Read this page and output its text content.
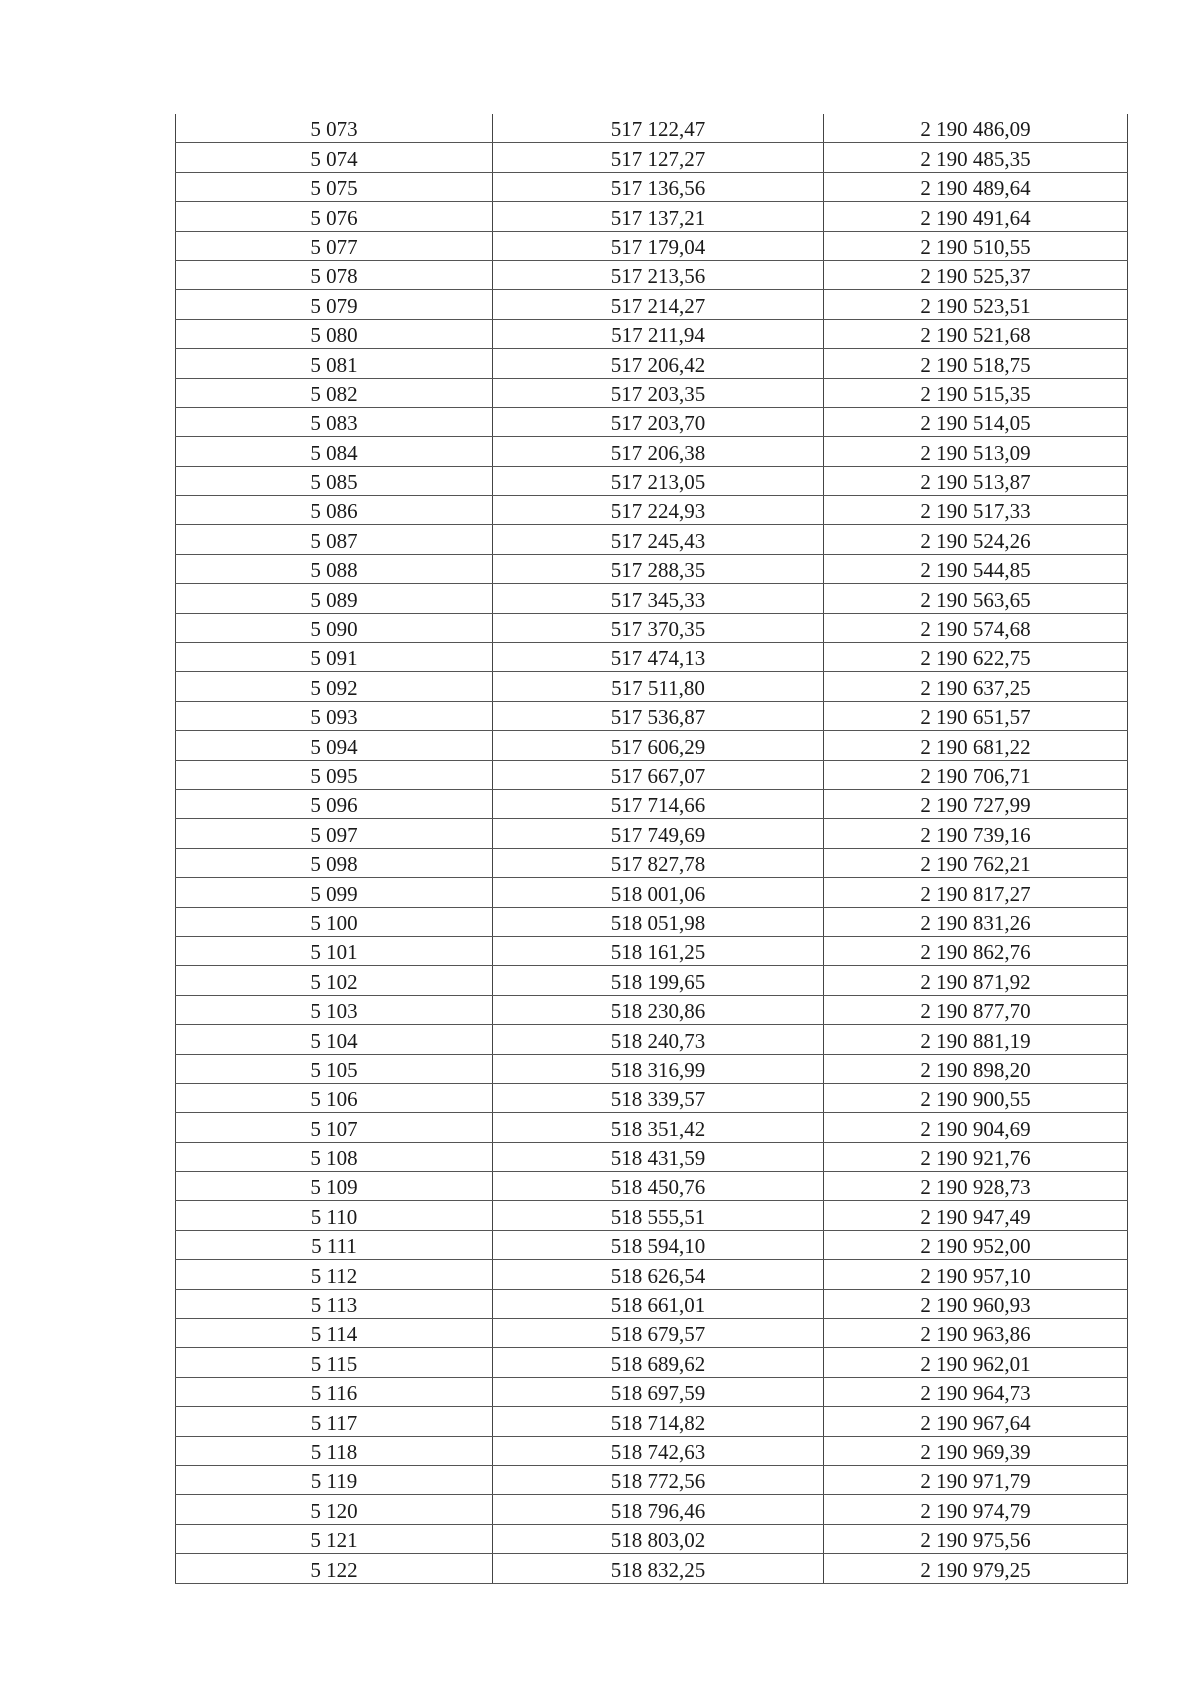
5 073	517 122,47	2 190 486,09
5 074	517 127,27	2 190 485,35
5 075	517 136,56	2 190 489,64
5 076	517 137,21	2 190 491,64
5 077	517 179,04	2 190 510,55
5 078	517 213,56	2 190 525,37
5 079	517 214,27	2 190 523,51
5 080	517 211,94	2 190 521,68
5 081	517 206,42	2 190 518,75
5 082	517 203,35	2 190 515,35
5 083	517 203,70	2 190 514,05
5 084	517 206,38	2 190 513,09
5 085	517 213,05	2 190 513,87
5 086	517 224,93	2 190 517,33
5 087	517 245,43	2 190 524,26
5 088	517 288,35	2 190 544,85
5 089	517 345,33	2 190 563,65
5 090	517 370,35	2 190 574,68
5 091	517 474,13	2 190 622,75
5 092	517 511,80	2 190 637,25
5 093	517 536,87	2 190 651,57
5 094	517 606,29	2 190 681,22
5 095	517 667,07	2 190 706,71
5 096	517 714,66	2 190 727,99
5 097	517 749,69	2 190 739,16
5 098	517 827,78	2 190 762,21
5 099	518 001,06	2 190 817,27
5 100	518 051,98	2 190 831,26
5 101	518 161,25	2 190 862,76
5 102	518 199,65	2 190 871,92
5 103	518 230,86	2 190 877,70
5 104	518 240,73	2 190 881,19
5 105	518 316,99	2 190 898,20
5 106	518 339,57	2 190 900,55
5 107	518 351,42	2 190 904,69
5 108	518 431,59	2 190 921,76
5 109	518 450,76	2 190 928,73
5 110	518 555,51	2 190 947,49
5 111	518 594,10	2 190 952,00
5 112	518 626,54	2 190 957,10
5 113	518 661,01	2 190 960,93
5 114	518 679,57	2 190 963,86
5 115	518 689,62	2 190 962,01
5 116	518 697,59	2 190 964,73
5 117	518 714,82	2 190 967,64
5 118	518 742,63	2 190 969,39
5 119	518 772,56	2 190 971,79
5 120	518 796,46	2 190 974,79
5 121	518 803,02	2 190 975,56
5 122	518 832,25	2 190 979,25
